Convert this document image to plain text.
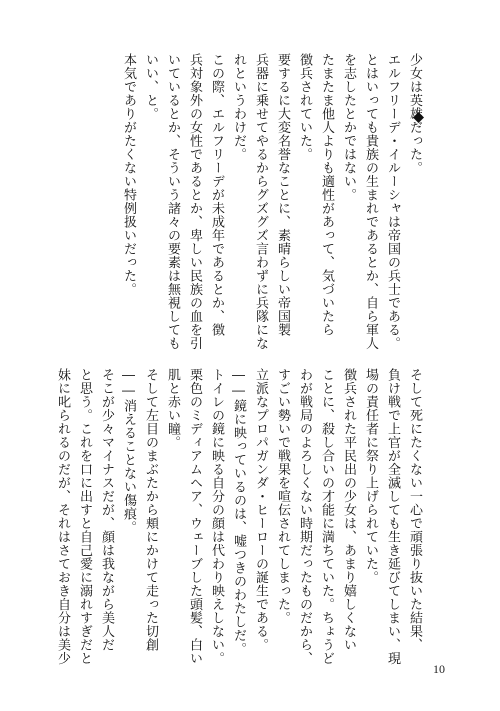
少女は英雄だった。
エルフリーデ・イルーシャは帝国の兵士である。
とはいっても貴族の生まれであるとか、自ら軍人
を志したとかではない。
たまたま他人よりも適性があって、気づいたら
徴兵されていた。
要するに大変名誉なことに、素晴らしい帝国製
兵器に乗せてやるからグズグズ言わずに兵隊にな
れというわけだ。
この際、エルフリーデが未成年であるとか、徴
兵対象外の女性であるとか、卑しい民族の血を引
いているとか、そういう諸々の要素は無視しても
いい、と。
本気でありがたくない特例扱いだった。
そして死にたくない一心で頑張り抜いた結果、
負け戦で上官が全滅しても生き延びてしまい、現
場の責任者に祭り上げられていた。
徴兵された平民出の少女は、あまり嬉しくない
ことに、殺し合いの才能に満ちていた。ちょうど
わが戦局のよろしくない時期だったものだから、
すごい勢いで戦果を喧伝されてしまった。
立派なプロパガンダ・ヒーローの誕生である。
――鏡に映っているのは、嘘つきのわたしだ。
トイレの鏡に映る自分の顔は代わり映えしない。
栗色のミディアムヘア、ウェーブした頭髪、白い
肌と赤い瞳。
そして左目のまぶたから頬にかけて走った切創
――消えることない傷痕。
そこが少々マイナスだが、顔は我ながら美人だ
と思う。これを口に出すと自己愛に溺れすぎだと
妹に叱られるのだが、それはさておき自分は美少
10
